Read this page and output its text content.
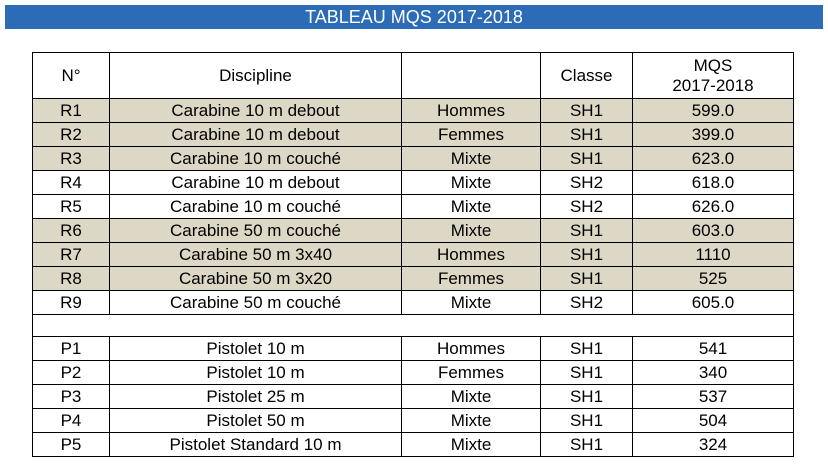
TABLEAU MQS 2017-2018
N°	Discipline		Classe	MQS
2017-2018
R1	Carabine 10 m debout	Hommes	SH1	599.0
R2	Carabine 10 m debout	Femmes	SH1	399.0
R3	Carabine 10 m couché	Mixte	SH1	623.0
R4	Carabine 10 m debout	Mixte	SH2	618.0
R5	Carabine 10 m couché	Mixte	SH2	626.0
R6	Carabine 50 m couché	Mixte	SH1	603.0
R7	Carabine 50 m 3x40	Hommes	SH1	1110
R8	Carabine 50 m 3x20	Femmes	SH1	525
R9	Carabine 50 m couché	Mixte	SH2	605.0

P1	Pistolet 10 m	Hommes	SH1	541
P2	Pistolet 10 m	Femmes	SH1	340
P3	Pistolet 25 m	Mixte	SH1	537
P4	Pistolet 50 m	Mixte	SH1	504
P5	Pistolet Standard 10 m	Mixte	SH1	324
